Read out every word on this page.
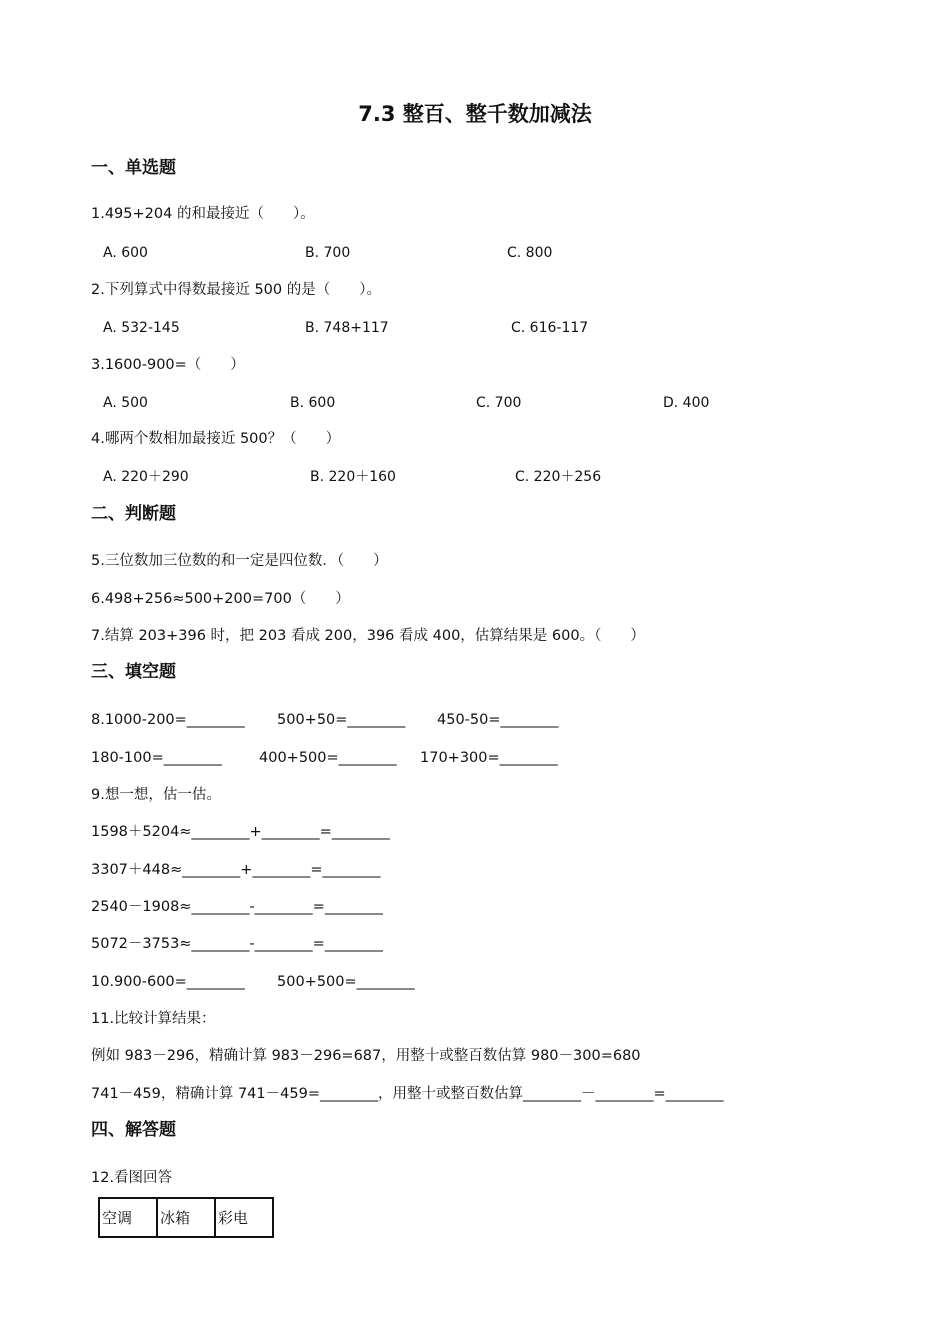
7.3 整百、整千数加减法
一、单选题
1.495+204 的和最接近（　　）。
A. 600	B. 700	C. 800
2.下列算式中得数最接近 500 的是（　　）。
A. 532-145	B. 748+117	C. 616-117
3.1600-900=（　　）
A. 500	B. 600	C. 700	D. 400
4.哪两个数相加最接近 500？（　　）
A. 220＋290	B. 220＋160	C. 220＋256
二、判断题
5.三位数加三位数的和一定是四位数．（　　）
6.498+256≈500+200=700（　　）
7.结算 203+396 时，把 203 看成 200，396 看成 400，估算结果是 600。（　　）
三、填空题
8.1000-200=________ 500+50=________ 450-50=________
180-100=________	400+500=________ 170+300=________
9.想一想，估一估。
1598＋5204≈________+________=________
3307＋448≈________+________=________
2540－1908≈________-________=________
5072－3753≈________-________=________
10.900-600=________ 500+500=________
11.比较计算结果：
例如 983－296，精确计算 983－296=687，用整十或整百数估算 980－300=680
741－459，精确计算 741－459=________，用整十或整百数估算________－________=________
四、解答题
12.看图回答
空调	冰箱	彩电
